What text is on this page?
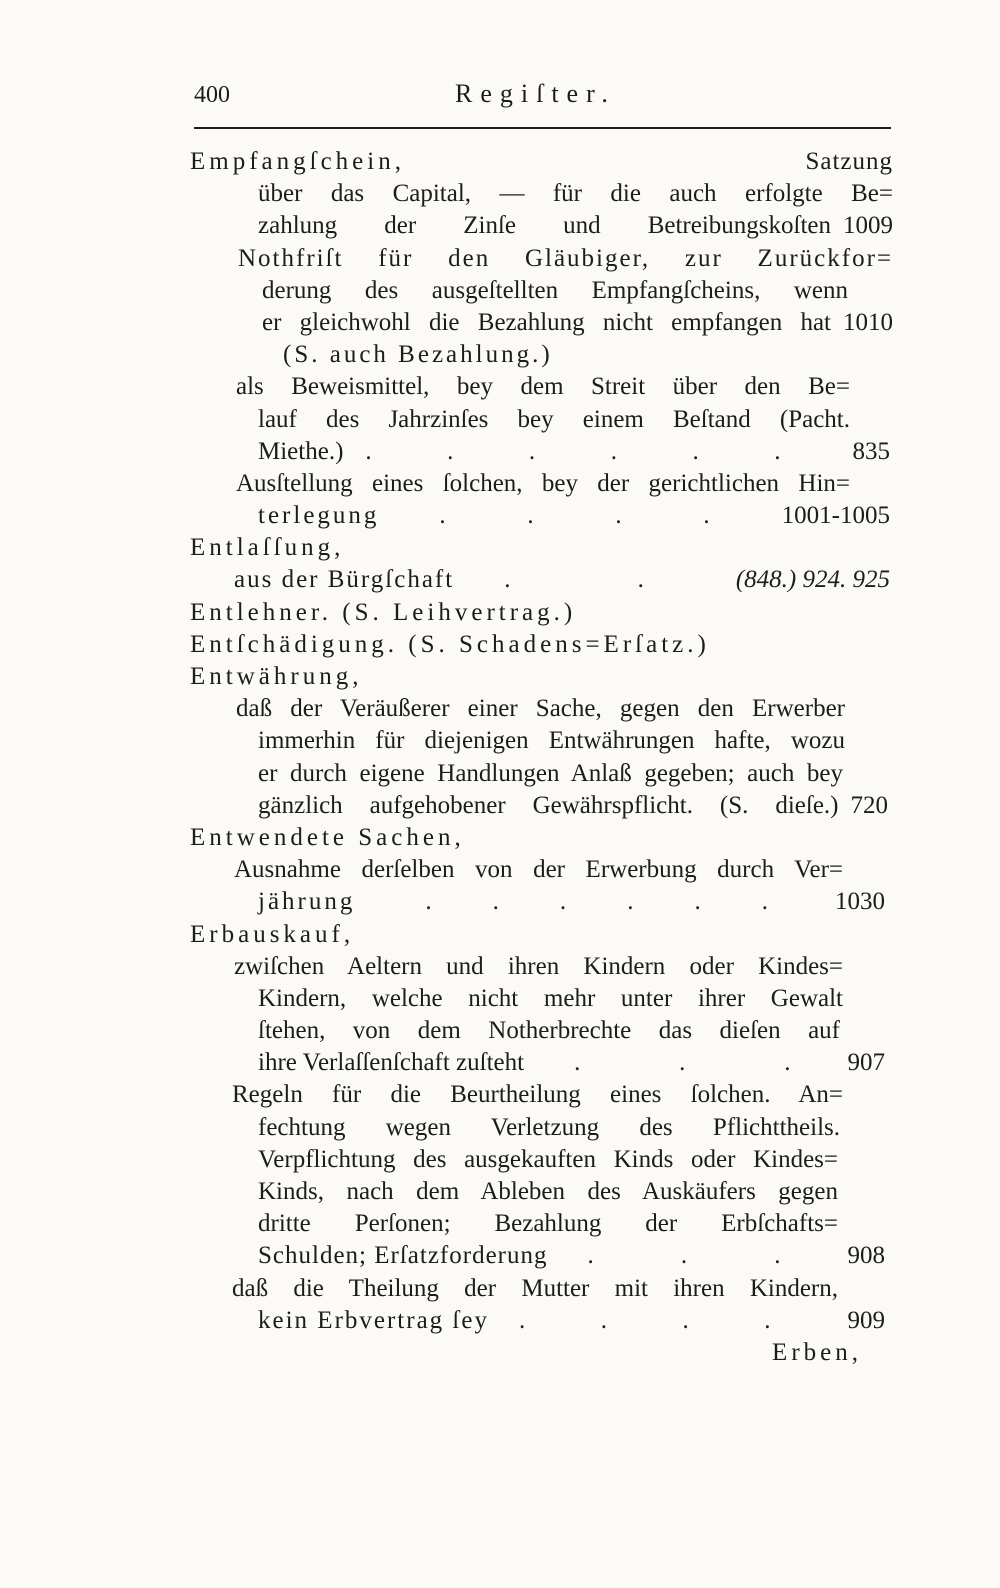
400	Regiſter.
Empfangſchein,	Satzung
über das Capital, — für die auch erfolgte Be=
zahlung der Zinſe und Betreibungskoſten 1009
Nothfriſt für den Gläubiger, zur Zurückfor=
derung des ausgeſtellten Empfangſcheins, wenn
er gleichwohl die Bezahlung nicht empfangen hat 1010
(S. auch Bezahlung.)
als Beweismittel, bey dem Streit über den Be=
lauf des Jahrzinſes bey einem Beſtand (Pacht.
Miethe.) . . . . . .	835
Ausſtellung eines ſolchen, bey der gerichtlichen Hin=
terlegung	. . . .	1001-1005
Entlaſſung,
aus der Bürgſchaft	. .	(848.) 924. 925
Entlehner. (S. Leihvertrag.)
Entſchädigung. (S. Schadens=Erſatz.)
Entwährung,
daß der Veräußerer einer Sache, gegen den Erwerber
immerhin für diejenigen Entwährungen hafte, wozu
er durch eigene Handlungen Anlaß gegeben; auch bey
gänzlich aufgehobener Gewährspflicht. (S. dieſe.) 720
Entwendete Sachen,
Ausnahme derſelben von der Erwerbung durch Ver=
jährung	. . . . . .	1030
Erbauskauf,
zwiſchen Aeltern und ihren Kindern oder Kindes=
Kindern, welche nicht mehr unter ihrer Gewalt
ſtehen, von dem Notherbrechte das dieſen auf
ihre Verlaſſenſchaft zuſteht	. . .	907
Regeln für die Beurtheilung eines ſolchen. An=
fechtung wegen Verletzung des Pflichttheils.
Verpflichtung des ausgekauften Kinds oder Kindes=
Kinds, nach dem Ableben des Auskäufers gegen
dritte Perſonen; Bezahlung der Erbſchafts=
Schulden; Erſatzforderung	. . .	908
daß die Theilung der Mutter mit ihren Kindern,
kein Erbvertrag ſey	. . . .	909
Erben,
